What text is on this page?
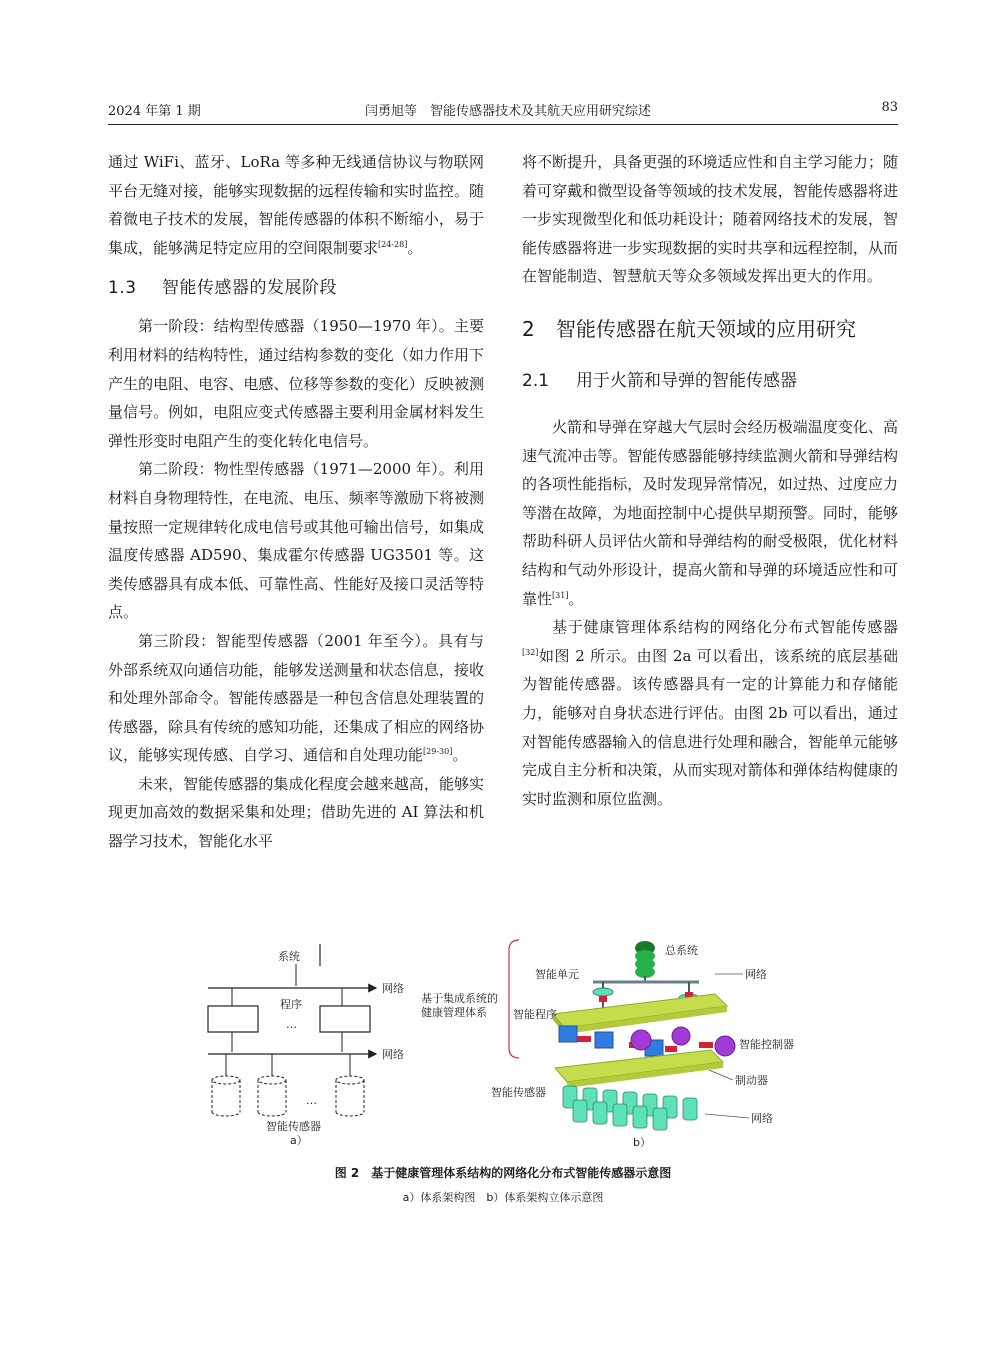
2024 年第 1 期	闫勇旭等　智能传感器技术及其航天应用研究综述	83

通过 WiFi、蓝牙、LoRa 等多种无线通信协议与物联网平台无缝对接，能够实现数据的远程传输和实时监控。随着微电子技术的发展，智能传感器的体积不断缩小，易于集成，能够满足特定应用的空间限制要求[24-28]。

1.3 智能传感器的发展阶段

第一阶段：结构型传感器（1950—1970 年）。主要利用材料的结构特性，通过结构参数的变化（如力作用下产生的电阻、电容、电感、位移等参数的变化）反映被测量信号。例如，电阻应变式传感器主要利用金属材料发生弹性形变时电阻产生的变化转化电信号。

第二阶段：物性型传感器（1971—2000 年）。利用材料自身物理特性，在电流、电压、频率等激励下将被测量按照一定规律转化成电信号或其他可输出信号，如集成温度传感器 AD590、集成霍尔传感器 UG3501 等。这类传感器具有成本低、可靠性高、性能好及接口灵活等特点。

第三阶段：智能型传感器（2001 年至今）。具有与外部系统双向通信功能，能够发送测量和状态信息，接收和处理外部命令。智能传感器是一种包含信息处理装置的传感器，除具有传统的感知功能，还集成了相应的网络协议，能够实现传感、自学习、通信和自处理功能[29-30]。

未来，智能传感器的集成化程度会越来越高，能够实现更加高效的数据采集和处理；借助先进的 AI 算法和机器学习技术，智能化水平

将不断提升，具备更强的环境适应性和自主学习能力；随着可穿戴和微型设备等领域的技术发展，智能传感器将进一步实现微型化和低功耗设计；随着网络技术的发展，智能传感器将进一步实现数据的实时共享和远程控制，从而在智能制造、智慧航天等众多领域发挥出更大的作用。

2 智能传感器在航天领域的应用研究
2.1 用于火箭和导弹的智能传感器

火箭和导弹在穿越大气层时会经历极端温度变化、高速气流冲击等。智能传感器能够持续监测火箭和导弹结构的各项性能指标，及时发现异常情况，如过热、过度应力等潜在故障，为地面控制中心提供早期预警。同时，能够帮助科研人员评估火箭和导弹结构的耐受极限，优化材料结构和气动外形设计，提高火箭和导弹的环境适应性和可靠性[31]。

基于健康管理体系结构的网络化分布式智能传感器[32]如图 2 所示。由图 2a 可以看出，该系统的底层基础为智能传感器。该传感器具有一定的计算能力和存储能力，能够对自身状态进行评估。由图 2b 可以看出，通过对智能传感器输入的信息进行处理和融合，智能单元能够完成自主分析和决策，从而实现对箭体和弹体结构健康的实时监测和原位监测。

系统
网络
程序
…
网络
…
智能传感器
a）
基于集成系统的
健康管理体系
总系统
智能单元	网络
智能程序
智能控制器
制动器
智能传感器
网络
b）
图 2　基于健康管理体系结构的网络化分布式智能传感器示意图
a）体系架构图　b）体系架构立体示意图
